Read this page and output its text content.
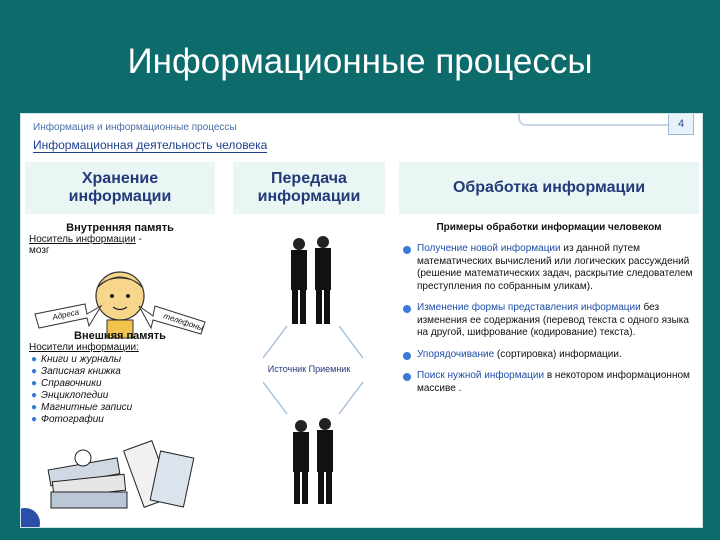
Информационные процессы
Информация и информационные процессы
Информационная деятельность человека
4
Хранение
информации
Передача
информации
Обработка информации
Внутренняя память
Носитель информации -
мозг
Адреса	телефоны
Внешняя память
Носители информации:
● Книги и журналы
● Записная книжка
● Справочники
● Энциклопедии
● Магнитные записи
● Фотографии
Источник Приемник
Примеры обработки информации человеком
Получение новой информации из данной путем математических вычислений или логических рассуждений (решение математических задач, раскрытие следователем преступления по собранным уликам).
Изменение формы представления информации без изменения ее содержания (перевод текста с одного языка на другой, шифрование (кодирование) текста).
Упорядочивание (сортировка) информации.
Поиск нужной информации в некотором информационном массиве .
